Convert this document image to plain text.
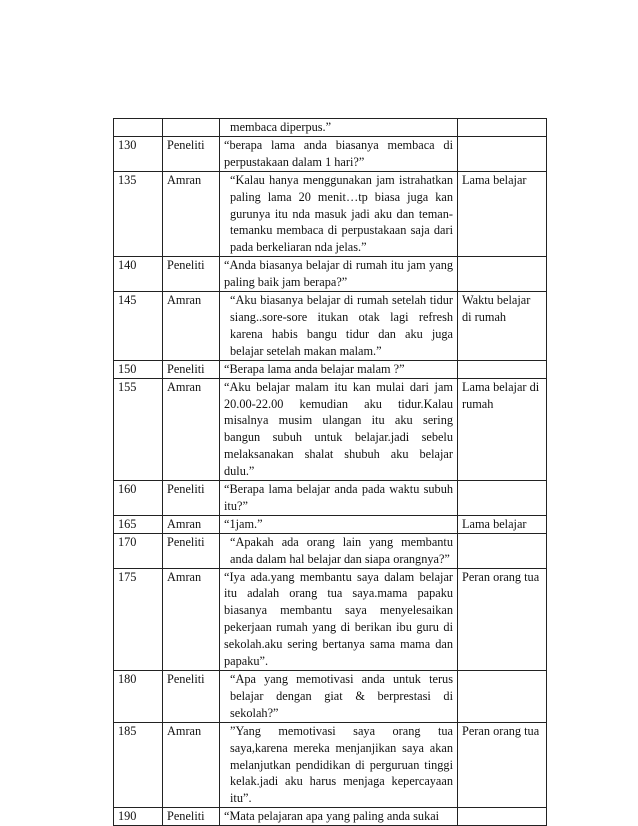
		membaca diperpus.”	
130	Peneliti	“berapa lama anda biasanya membaca di perpustakaan dalam 1 hari?”	
135	Amran	“Kalau hanya menggunakan jam istrahatkan paling lama 20 menit…tp biasa juga kan gurunya itu nda masuk jadi aku dan teman-temanku membaca di perpustakaan saja dari pada berkeliaran nda jelas.”	Lama belajar
140	Peneliti	“Anda biasanya belajar di rumah itu jam yang paling baik jam berapa?”	
145	Amran	“Aku biasanya belajar di rumah setelah tidur siang..sore-sore itukan otak lagi refresh karena habis bangu tidur dan aku juga belajar setelah makan malam.”	Waktu belajar di rumah
150	Peneliti	“Berapa lama anda belajar malam ?”	
155	Amran	“Aku belajar malam itu kan mulai dari jam 20.00-22.00 kemudian aku tidur.Kalau misalnya musim ulangan itu aku sering bangun subuh untuk belajar.jadi sebelu melaksanakan shalat shubuh aku belajar dulu.”	Lama belajar di rumah
160	Peneliti	“Berapa lama belajar anda pada waktu subuh itu?”	
165	Amran	“1jam.”	Lama belajar
170	Peneliti	“Apakah ada orang lain yang membantu anda dalam hal belajar dan siapa orangnya?”	
175	Amran	“Iya ada.yang membantu saya dalam belajar itu adalah orang tua saya.mama papaku biasanya membantu saya menyelesaikan pekerjaan rumah yang di berikan ibu guru di sekolah.aku sering bertanya sama mama dan papaku”.	Peran orang tua
180	Peneliti	“Apa yang memotivasi anda untuk terus belajar dengan giat & berprestasi di sekolah?”	
185	Amran	”Yang memotivasi saya orang tua saya,karena mereka menjanjikan saya akan melanjutkan pendidikan di perguruan tinggi kelak.jadi aku harus menjaga kepercayaan itu”.	Peran orang tua
190	Peneliti	“Mata pelajaran apa yang paling anda sukai	
